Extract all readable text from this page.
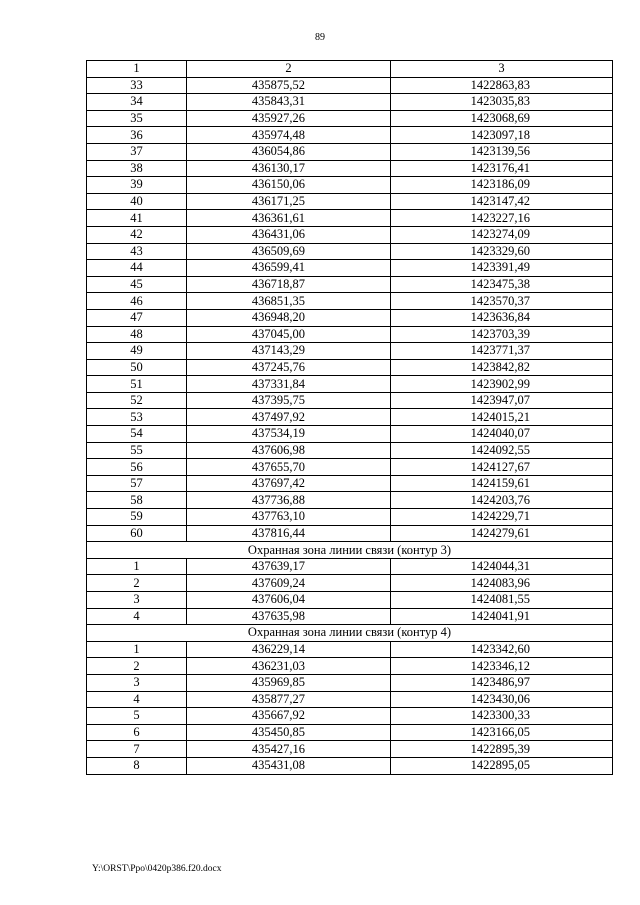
89
1	2	3
33	435875,52	1422863,83
34	435843,31	1423035,83
35	435927,26	1423068,69
36	435974,48	1423097,18
37	436054,86	1423139,56
38	436130,17	1423176,41
39	436150,06	1423186,09
40	436171,25	1423147,42
41	436361,61	1423227,16
42	436431,06	1423274,09
43	436509,69	1423329,60
44	436599,41	1423391,49
45	436718,87	1423475,38
46	436851,35	1423570,37
47	436948,20	1423636,84
48	437045,00	1423703,39
49	437143,29	1423771,37
50	437245,76	1423842,82
51	437331,84	1423902,99
52	437395,75	1423947,07
53	437497,92	1424015,21
54	437534,19	1424040,07
55	437606,98	1424092,55
56	437655,70	1424127,67
57	437697,42	1424159,61
58	437736,88	1424203,76
59	437763,10	1424229,71
60	437816,44	1424279,61
Охранная зона линии связи (контур 3)		
1	437639,17	1424044,31
2	437609,24	1424083,96
3	437606,04	1424081,55
4	437635,98	1424041,91
Охранная зона линии связи (контур 4)		
1	436229,14	1423342,60
2	436231,03	1423346,12
3	435969,85	1423486,97
4	435877,27	1423430,06
5	435667,92	1423300,33
6	435450,85	1423166,05
7	435427,16	1422895,39
8	435431,08	1422895,05
Y:\ORST\Ppo\0420p386.f20.docx
